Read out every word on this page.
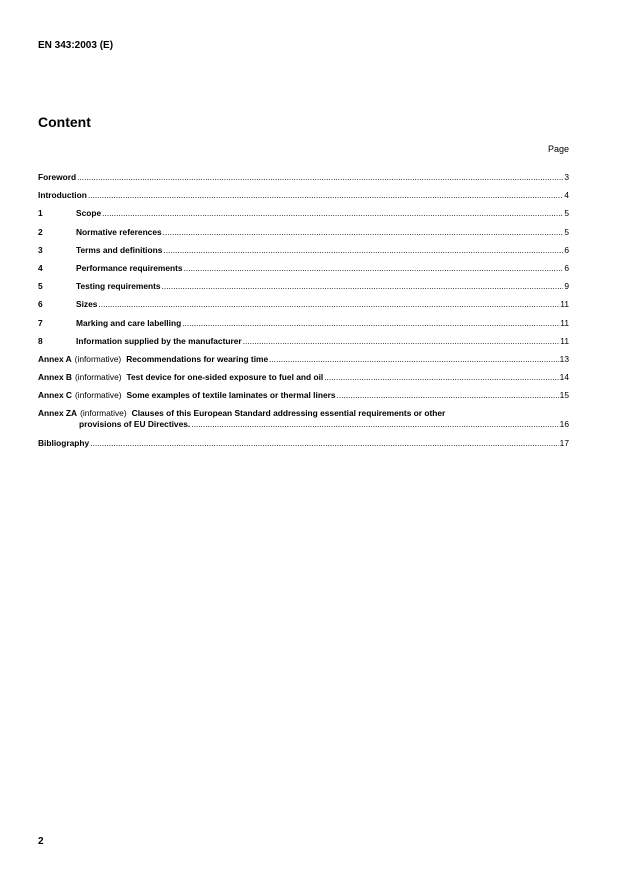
EN 343:2003 (E)
Content
Page
Foreword .....	3
Introduction .....	4
1	Scope .....	5
2	Normative references .....	5
3	Terms and definitions .....	6
4	Performance requirements .....	6
5	Testing requirements .....	9
6	Sizes .....	11
7	Marking and care labelling .....	11
8	Information supplied by the manufacturer .....	11
Annex A (informative) Recommendations for wearing time .....	13
Annex B (informative) Test device for one-sided exposure to fuel and oil .....	14
Annex C (informative) Some examples of textile laminates or thermal liners .....	15
Annex ZA (informative) Clauses of this European Standard addressing essential requirements or other
provisions of EU Directives. .....	16
Bibliography .....	17
2
